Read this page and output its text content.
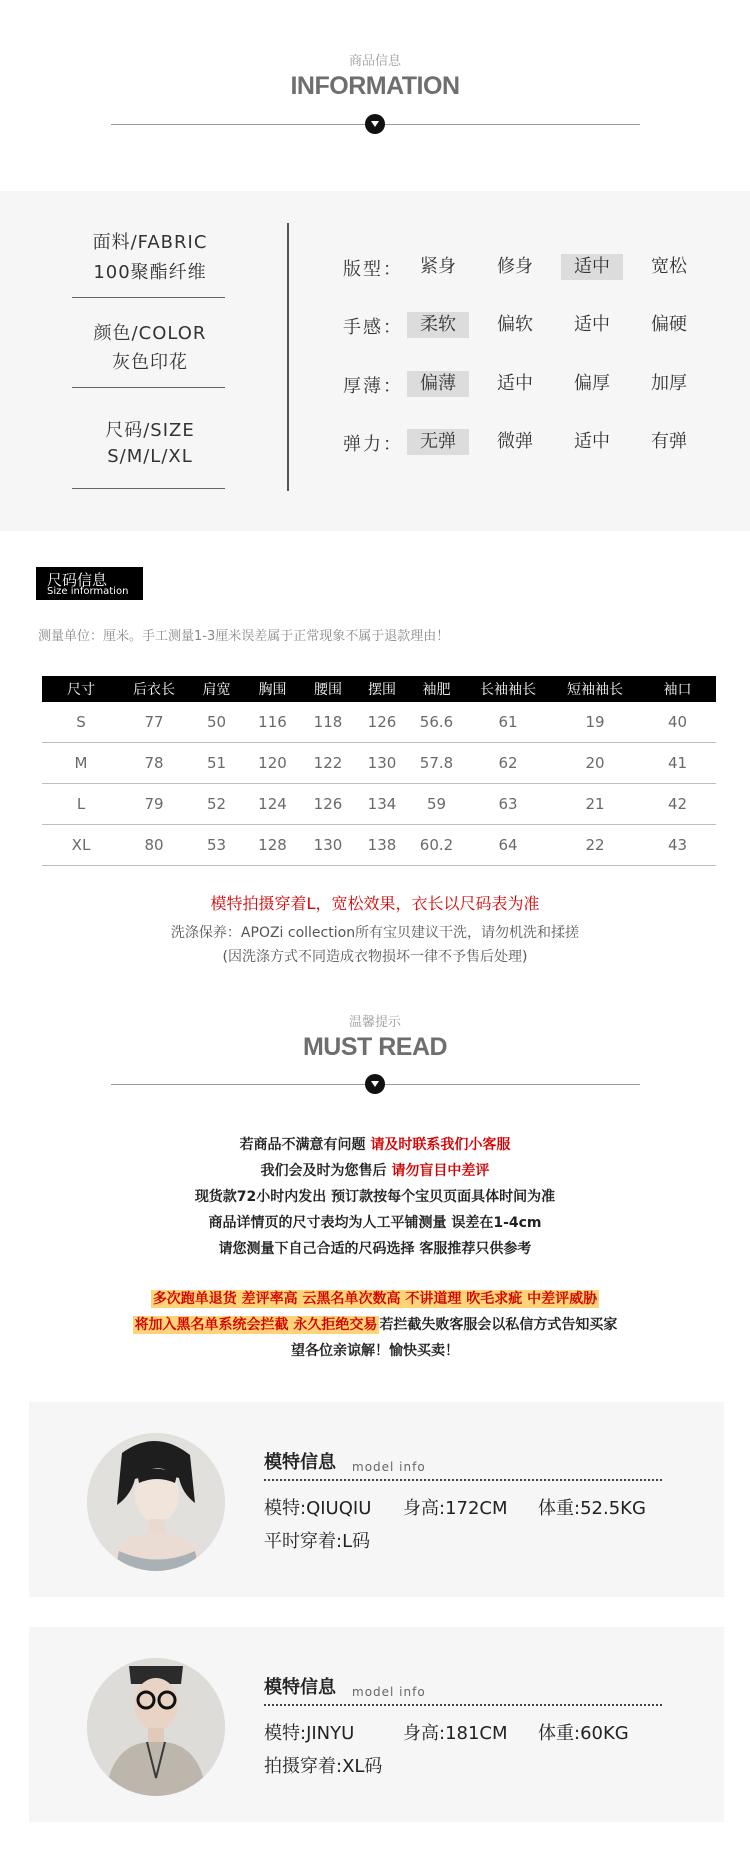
商品信息
INFORMATION
面料/FABRIC
100聚酯纤维
颜色/COLOR
灰色印花
尺码/SIZE
S/M/L/XL
版型： 紧身	修身	适中	宽松
手感： 柔软	偏软	适中	偏硬
厚薄： 偏薄	适中	偏厚	加厚
弹力： 无弹	微弹	适中	有弹
尺码信息
Size information
测量单位：厘米。手工测量1-3厘米误差属于正常现象不属于退款理由！
尺寸	后衣长	肩宽	胸围	腰围	摆围	袖肥	长袖袖长	短袖袖长	袖口
S	77	50	116	118	126	56.6	61	19	40
M	78	51	120	122	130	57.8	62	20	41
L	79	52	124	126	134	59	63	21	42
XL	80	53	128	130	138	60.2	64	22	43
模特拍摄穿着L，宽松效果，衣长以尺码表为准
洗涤保养：APOZi collection所有宝贝建议干洗，请勿机洗和揉搓
(因洗涤方式不同造成衣物损坏一律不予售后处理)
温馨提示
MUST READ
若商品不满意有问题 请及时联系我们小客服
我们会及时为您售后 请勿盲目中差评
现货款72小时内发出 预订款按每个宝贝页面具体时间为准
商品详情页的尺寸表均为人工平铺测量 误差在1-4cm
请您测量下自己合适的尺码选择 客服推荐只供参考
多次跑单退货 差评率高 云黑名单次数高 不讲道理 吹毛求疵 中差评威胁
将加入黑名单系统会拦截 永久拒绝交易 若拦截失败客服会以私信方式告知买家
望各位亲谅解！愉快买卖！
模特信息 model info
模特:QIUQIU 身高:172CM 体重:52.5KG
平时穿着:L码
模特信息 model info
模特:JINYU	身高:181CM 体重:60KG
拍摄穿着:XL码
